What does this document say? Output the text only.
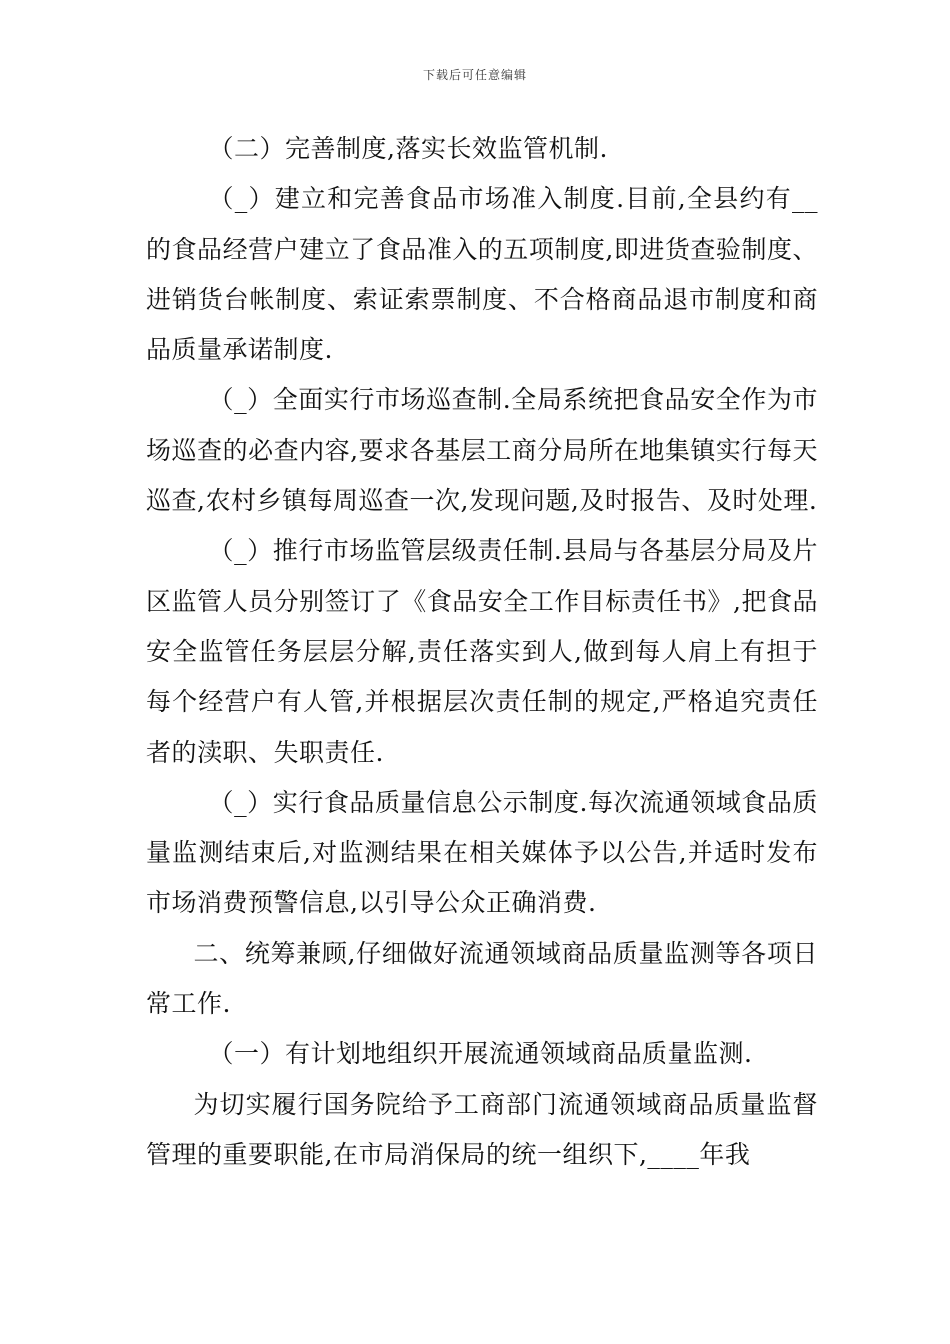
下载后可任意编辑

（二）完善制度,落实长效监管机制.

（_）建立和完善食品市场准入制度.目前,全县约有__的食品经营户建立了食品准入的五项制度,即进货查验制度、进销货台帐制度、索证索票制度、不合格商品退市制度和商品质量承诺制度.

（_）全面实行市场巡查制.全局系统把食品安全作为市场巡查的必查内容,要求各基层工商分局所在地集镇实行每天巡查,农村乡镇每周巡查一次,发现问题,及时报告、及时处理.

（_）推行市场监管层级责任制.县局与各基层分局及片区监管人员分别签订了《食品安全工作目标责任书》,把食品安全监管任务层层分解,责任落实到人,做到每人肩上有担于每个经营户有人管,并根据层次责任制的规定,严格追究责任者的渎职、失职责任.

（_）实行食品质量信息公示制度.每次流通领域食品质量监测结束后,对监测结果在相关媒体予以公告,并适时发布市场消费预警信息,以引导公众正确消费.

二、统筹兼顾,仔细做好流通领域商品质量监测等各项日常工作.

（一）有计划地组织开展流通领域商品质量监测.

为切实履行国务院给予工商部门流通领域商品质量监督管理的重要职能,在市局消保局的统一组织下,____年我
